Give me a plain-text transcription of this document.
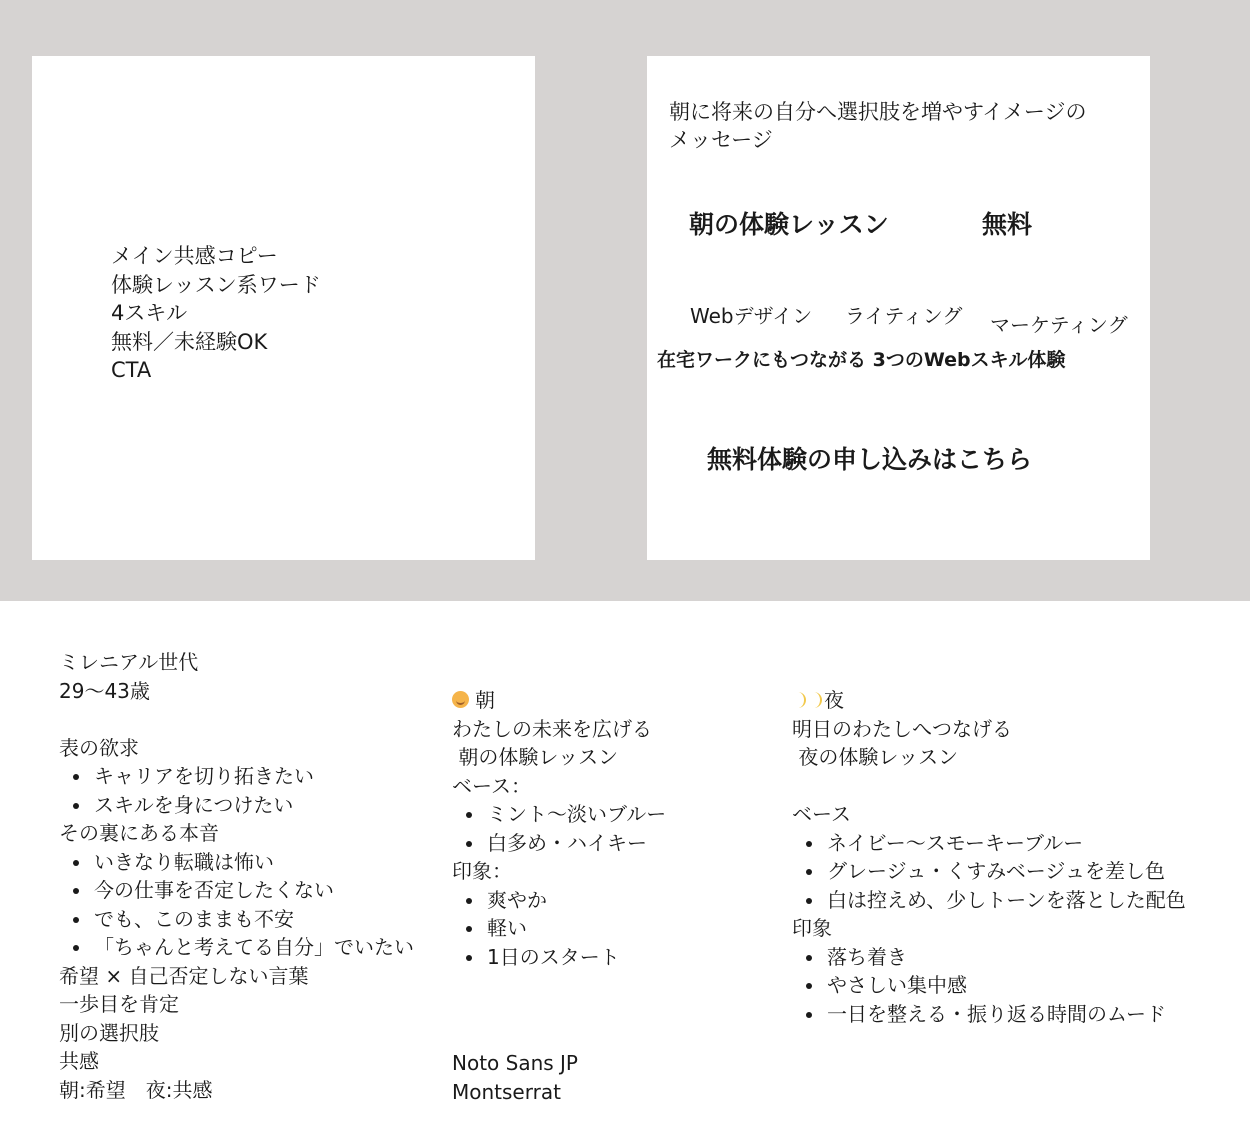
メイン共感コピー
体験レッスン系ワード
4スキル
無料／未経験OK
CTA
朝に将来の自分へ選択肢を増やすイメージの
メッセージ
朝の体験レッスン	無料
Webデザイン ライティング マーケティング
在宅ワークにもつながる 3つのWebスキル体験
無料体験の申し込みはこちら
ミレニアル世代
29〜43歳
表の欲求
キャリアを切り拓きたい
スキルを身につけたい
その裏にある本音
いきなり転職は怖い
今の仕事を否定したくない
でも、このままも不安
「ちゃんと考えてる自分」でいたい
希望 × 自己否定しない言葉
一歩目を肯定
別の選択肢
共感
朝:希望　夜:共感
朝
わたしの未来を広げる
朝の体験レッスン
ベース：
ミント〜淡いブルー
白多め・ハイキー
印象：
爽やか
軽い
1日のスタート
Noto Sans JP
Montserrat
夜
明日のわたしへつなげる
夜の体験レッスン
ベース
ネイビー〜スモーキーブルー
グレージュ・くすみベージュを差し色
白は控えめ、少しトーンを落とした配色
印象
落ち着き
やさしい集中感
一日を整える・振り返る時間のムード
